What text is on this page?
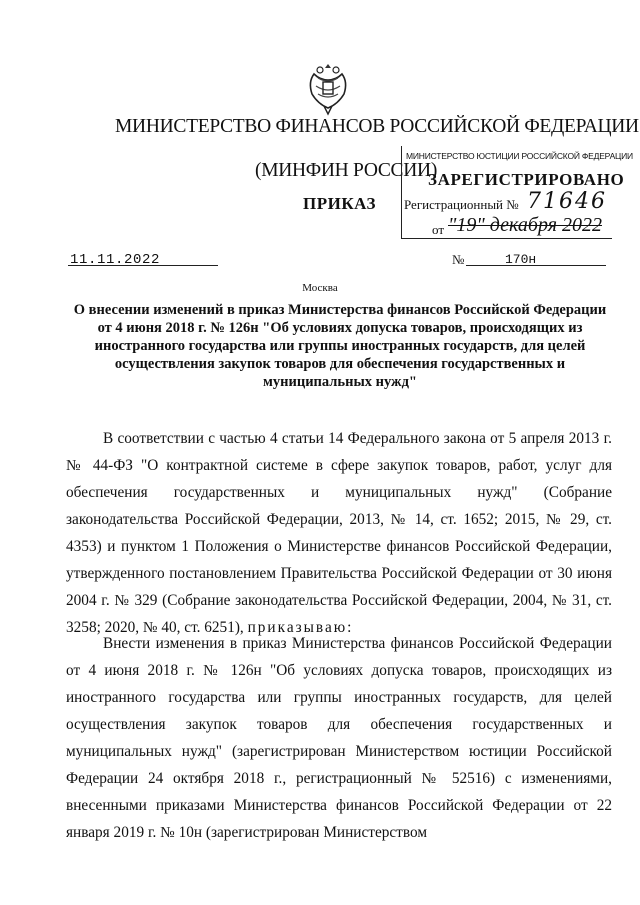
МИНИСТЕРСТВО ФИНАНСОВ РОССИЙСКОЙ ФЕДЕРАЦИИ
(МИНФИН РОССИИ)
ПРИКАЗ
МИНИСТЕРСТВО ЮСТИЦИИ РОССИЙСКОЙ ФЕДЕРАЦИИ
ЗАРЕГИСТРИРОВАНО
Регистрационный № 71646
от "19" декабря 2022
11.11.2022	№	170н
Москва
О внесении изменений в приказ Министерства финансов Российской Федерации от 4 июня 2018 г. № 126н "Об условиях допуска товаров, происходящих из иностранного государства или группы иностранных государств, для целей осуществления закупок товаров для обеспечения государственных и муниципальных нужд"
В соответствии с частью 4 статьи 14 Федерального закона от 5 апреля 2013 г. № 44-ФЗ "О контрактной системе в сфере закупок товаров, работ, услуг для обеспечения государственных и муниципальных нужд" (Собрание законодательства Российской Федерации, 2013, № 14, ст. 1652; 2015, № 29, ст. 4353) и пунктом 1 Положения о Министерстве финансов Российской Федерации, утвержденного постановлением Правительства Российской Федерации от 30 июня 2004 г. № 329 (Собрание законодательства Российской Федерации, 2004, № 31, ст. 3258; 2020, № 40, ст. 6251), приказываю:
Внести изменения в приказ Министерства финансов Российской Федерации от 4 июня 2018 г. № 126н "Об условиях допуска товаров, происходящих из иностранного государства или группы иностранных государств, для целей осуществления закупок товаров для обеспечения государственных и муниципальных нужд" (зарегистрирован Министерством юстиции Российской Федерации 24 октября 2018 г., регистрационный № 52516) с изменениями, внесенными приказами Министерства финансов Российской Федерации от 22 января 2019 г. № 10н (зарегистрирован Министерством
